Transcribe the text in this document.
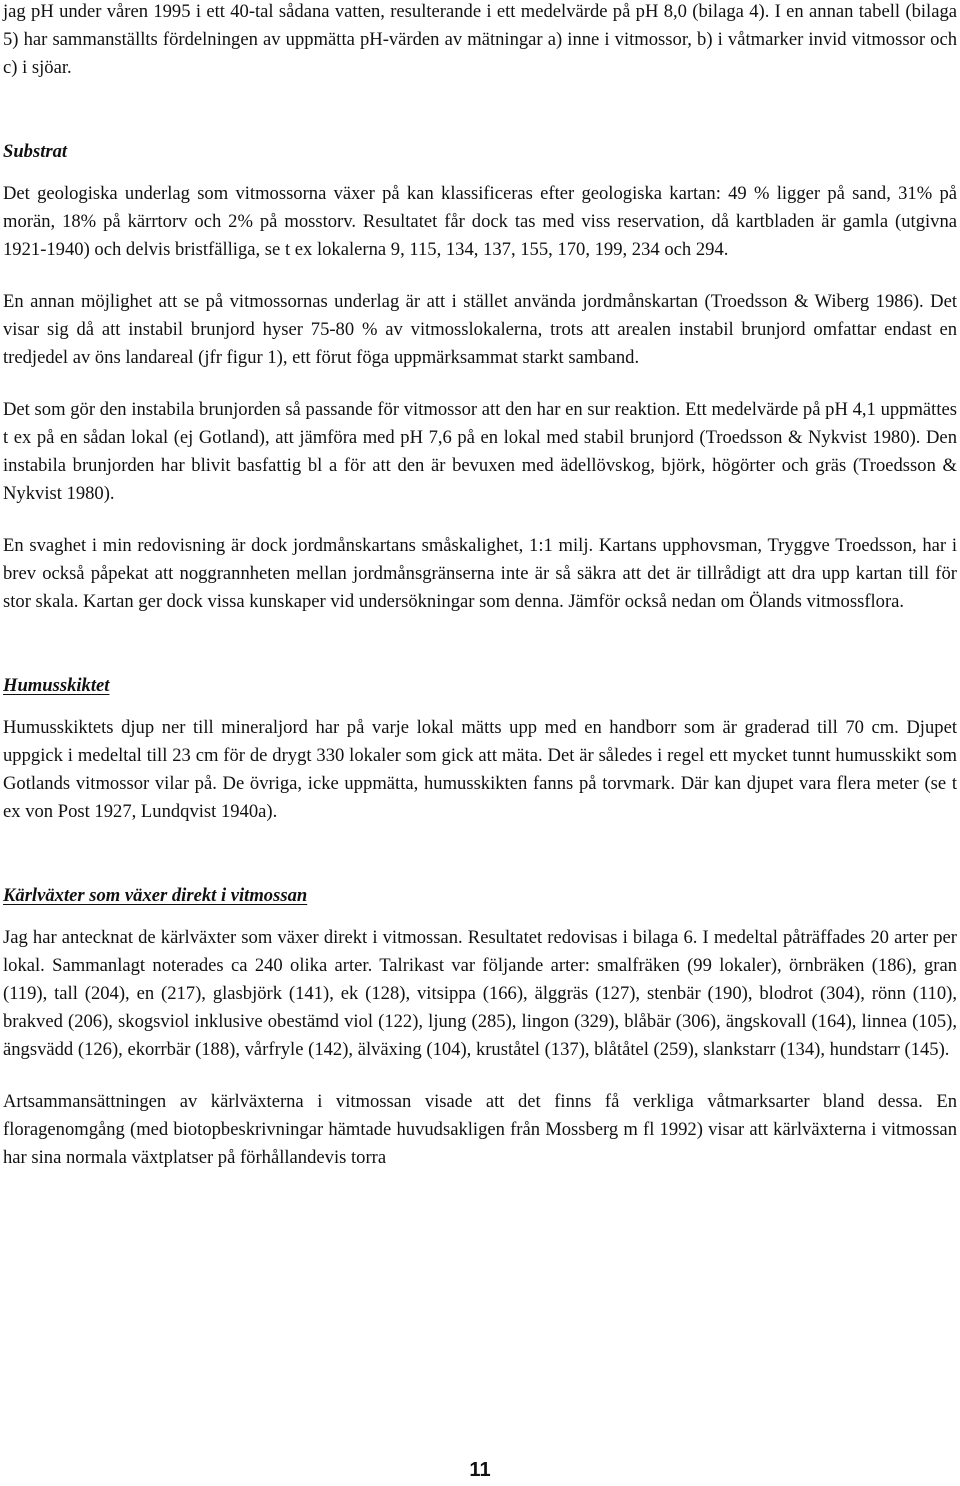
jag pH under våren 1995 i ett 40-tal sådana vatten, resulterande i ett medelvärde på pH 8,0 (bilaga 4). I en annan tabell (bilaga 5) har sammanställts fördelningen av uppmätta pH-värden av mätningar a) inne i vitmossor, b) i våtmarker invid vitmossor och c) i sjöar.

Substrat

Det geologiska underlag som vitmossorna växer på kan klassificeras efter geologiska kartan: 49 % ligger på sand, 31% på morän, 18% på kärrtorv och 2% på mosstorv. Resultatet får dock tas med viss reservation, då kartbladen är gamla (utgivna 1921-1940) och delvis bristfälliga, se t ex lokalerna 9, 115, 134, 137, 155, 170, 199, 234 och 294.

En annan möjlighet att se på vitmossornas underlag är att i stället använda jordmånskartan (Troedsson & Wiberg 1986). Det visar sig då att instabil brunjord hyser 75-80 % av vitmosslokalerna, trots att arealen instabil brunjord omfattar endast en tredjedel av öns landareal (jfr figur 1), ett förut föga uppmärksammat starkt samband.

Det som gör den instabila brunjorden så passande för vitmossor att den har en sur reaktion. Ett medelvärde på pH 4,1 uppmättes t ex på en sådan lokal (ej Gotland), att jämföra med pH 7,6 på en lokal med stabil brunjord (Troedsson & Nykvist 1980). Den instabila brunjorden har blivit basfattig bl a för att den är bevuxen med ädellövskog, björk, högörter och gräs (Troedsson & Nykvist 1980).

En svaghet i min redovisning är dock jordmånskartans småskalighet, 1:1 milj. Kartans upphovsman, Tryggve Troedsson, har i brev också påpekat att noggrannheten mellan jordmånsgränserna inte är så säkra att det är tillrådigt att dra upp kartan till för stor skala. Kartan ger dock vissa kunskaper vid undersökningar som denna. Jämför också nedan om Ölands vitmossflora.

Humusskiktet

Humusskiktets djup ner till mineraljord har på varje lokal mätts upp med en handborr som är graderad till 70 cm. Djupet uppgick i medeltal till 23 cm för de drygt 330 lokaler som gick att mäta. Det är således i regel ett mycket tunnt humusskikt som Gotlands vitmossor vilar på. De övriga, icke uppmätta, humusskikten fanns på torvmark. Där kan djupet vara flera meter (se t ex von Post 1927, Lundqvist 1940a).

Kärlväxter som växer direkt i vitmossan

Jag har antecknat de kärlväxter som växer direkt i vitmossan. Resultatet redovisas i bilaga 6. I medeltal påträffades 20 arter per lokal. Sammanlagt noterades ca 240 olika arter. Talrikast var följande arter: smalfräken (99 lokaler), örnbräken (186), gran (119), tall (204), en (217), glasbjörk (141), ek (128), vitsippa (166), älggräs (127), stenbär (190), blodrot (304), rönn (110), brakved (206), skogsviol inklusive obestämd viol (122), ljung (285), lingon (329), blåbär (306), ängskovall (164), linnea (105), ängsvädd (126), ekorrbär (188), vårfryle (142), älväxing (104), kruståtel (137), blåtåtel (259), slankstarr (134), hundstarr (145).

Artsammansättningen av kärlväxterna i vitmossan visade att det finns få verkliga våtmarksarter bland dessa. En floragenomgång (med biotopbeskrivningar hämtade huvudsakligen från Mossberg m fl 1992) visar att kärlväxterna i vitmossan har sina normala växtplatser på förhållandevis torra

11
